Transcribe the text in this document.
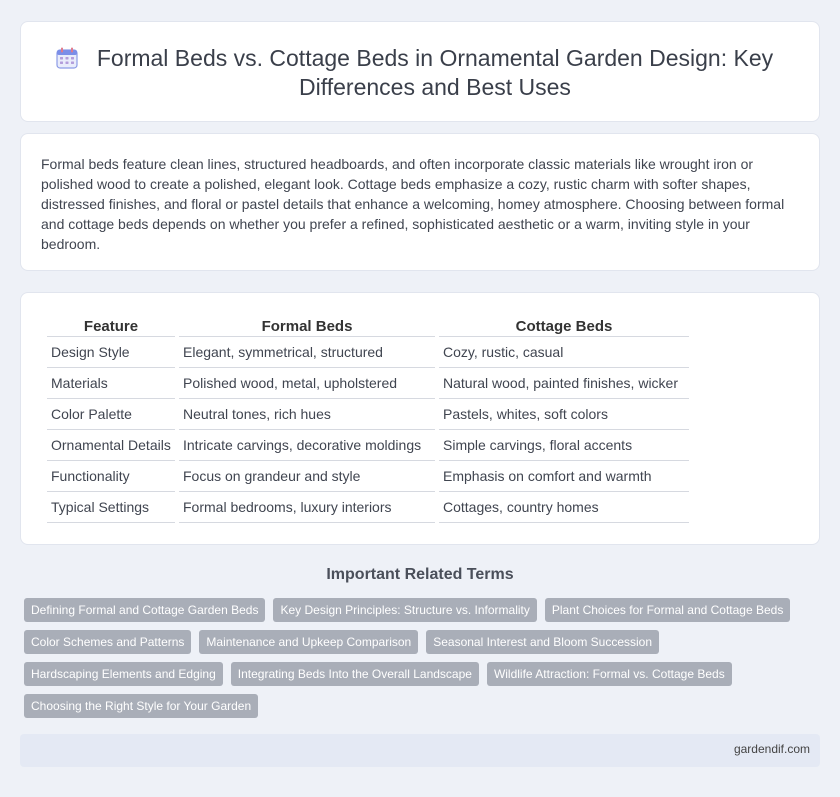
Formal Beds vs. Cottage Beds in Ornamental Garden Design: Key Differences and Best Uses

Formal beds feature clean lines, structured headboards, and often incorporate classic materials like wrought iron or polished wood to create a polished, elegant look. Cottage beds emphasize a cozy, rustic charm with softer shapes, distressed finishes, and floral or pastel details that enhance a welcoming, homey atmosphere. Choosing between formal and cottage beds depends on whether you prefer a refined, sophisticated aesthetic or a warm, inviting style in your bedroom.

Feature	Formal Beds	Cottage Beds
Design Style	Elegant, symmetrical, structured	Cozy, rustic, casual
Materials	Polished wood, metal, upholstered	Natural wood, painted finishes, wicker
Color Palette	Neutral tones, rich hues	Pastels, whites, soft colors
Ornamental Details	Intricate carvings, decorative moldings	Simple carvings, floral accents
Functionality	Focus on grandeur and style	Emphasis on comfort and warmth
Typical Settings	Formal bedrooms, luxury interiors	Cottages, country homes
Important Related Terms
Defining Formal and Cottage Garden Beds	Key Design Principles: Structure vs. Informality	Plant Choices for Formal and Cottage Beds
Color Schemes and Patterns	Maintenance and Upkeep Comparison	Seasonal Interest and Bloom Succession
Hardscaping Elements and Edging	Integrating Beds Into the Overall Landscape	Wildlife Attraction: Formal vs. Cottage Beds
Choosing the Right Style for Your Garden
gardendif.com
